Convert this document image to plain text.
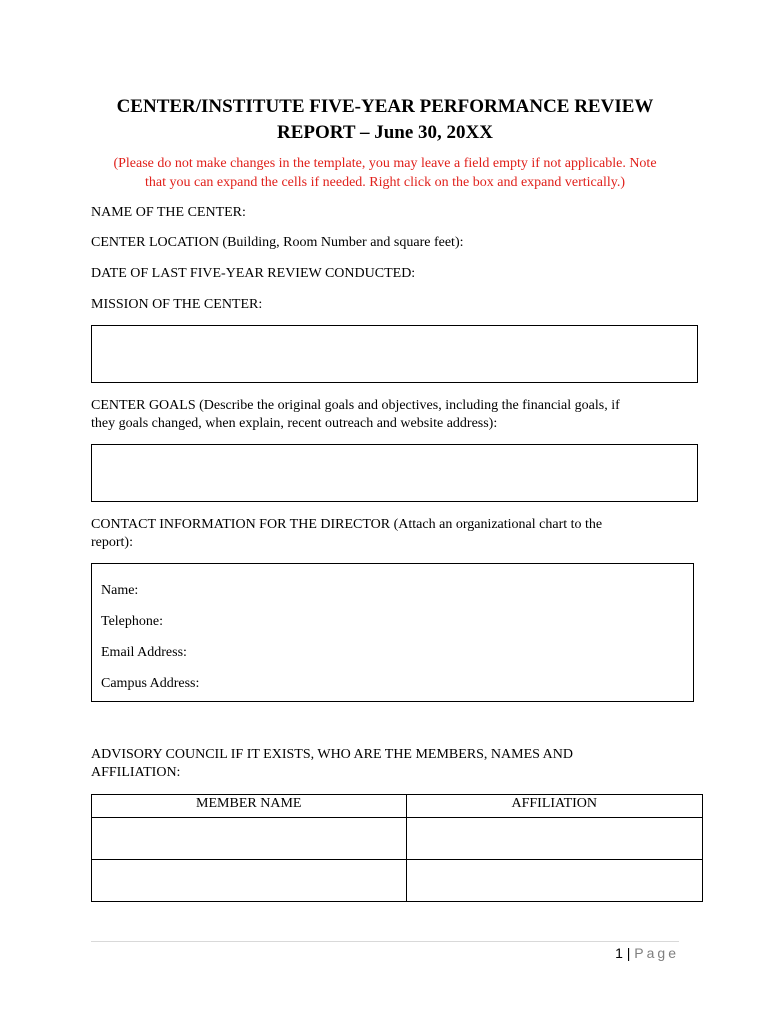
CENTER/INSTITUTE FIVE-YEAR PERFORMANCE REVIEW
REPORT – June 30, 20XX
(Please do not make changes in the template, you may leave a field empty if not applicable. Note
that you can expand the cells if needed. Right click on the box and expand vertically.)
NAME OF THE CENTER:
CENTER LOCATION (Building, Room Number and square feet):
DATE OF LAST FIVE-YEAR REVIEW CONDUCTED:
MISSION OF THE CENTER:
CENTER GOALS (Describe the original goals and objectives, including the financial goals, if
they goals changed, when explain, recent outreach and website address):
CONTACT INFORMATION FOR THE DIRECTOR (Attach an organizational chart to the
report):
Name:
Telephone:
Email Address:
Campus Address:
ADVISORY COUNCIL IF IT EXISTS, WHO ARE THE MEMBERS, NAMES AND
AFFILIATION:
MEMBER NAME	AFFILIATION

1 | Page
